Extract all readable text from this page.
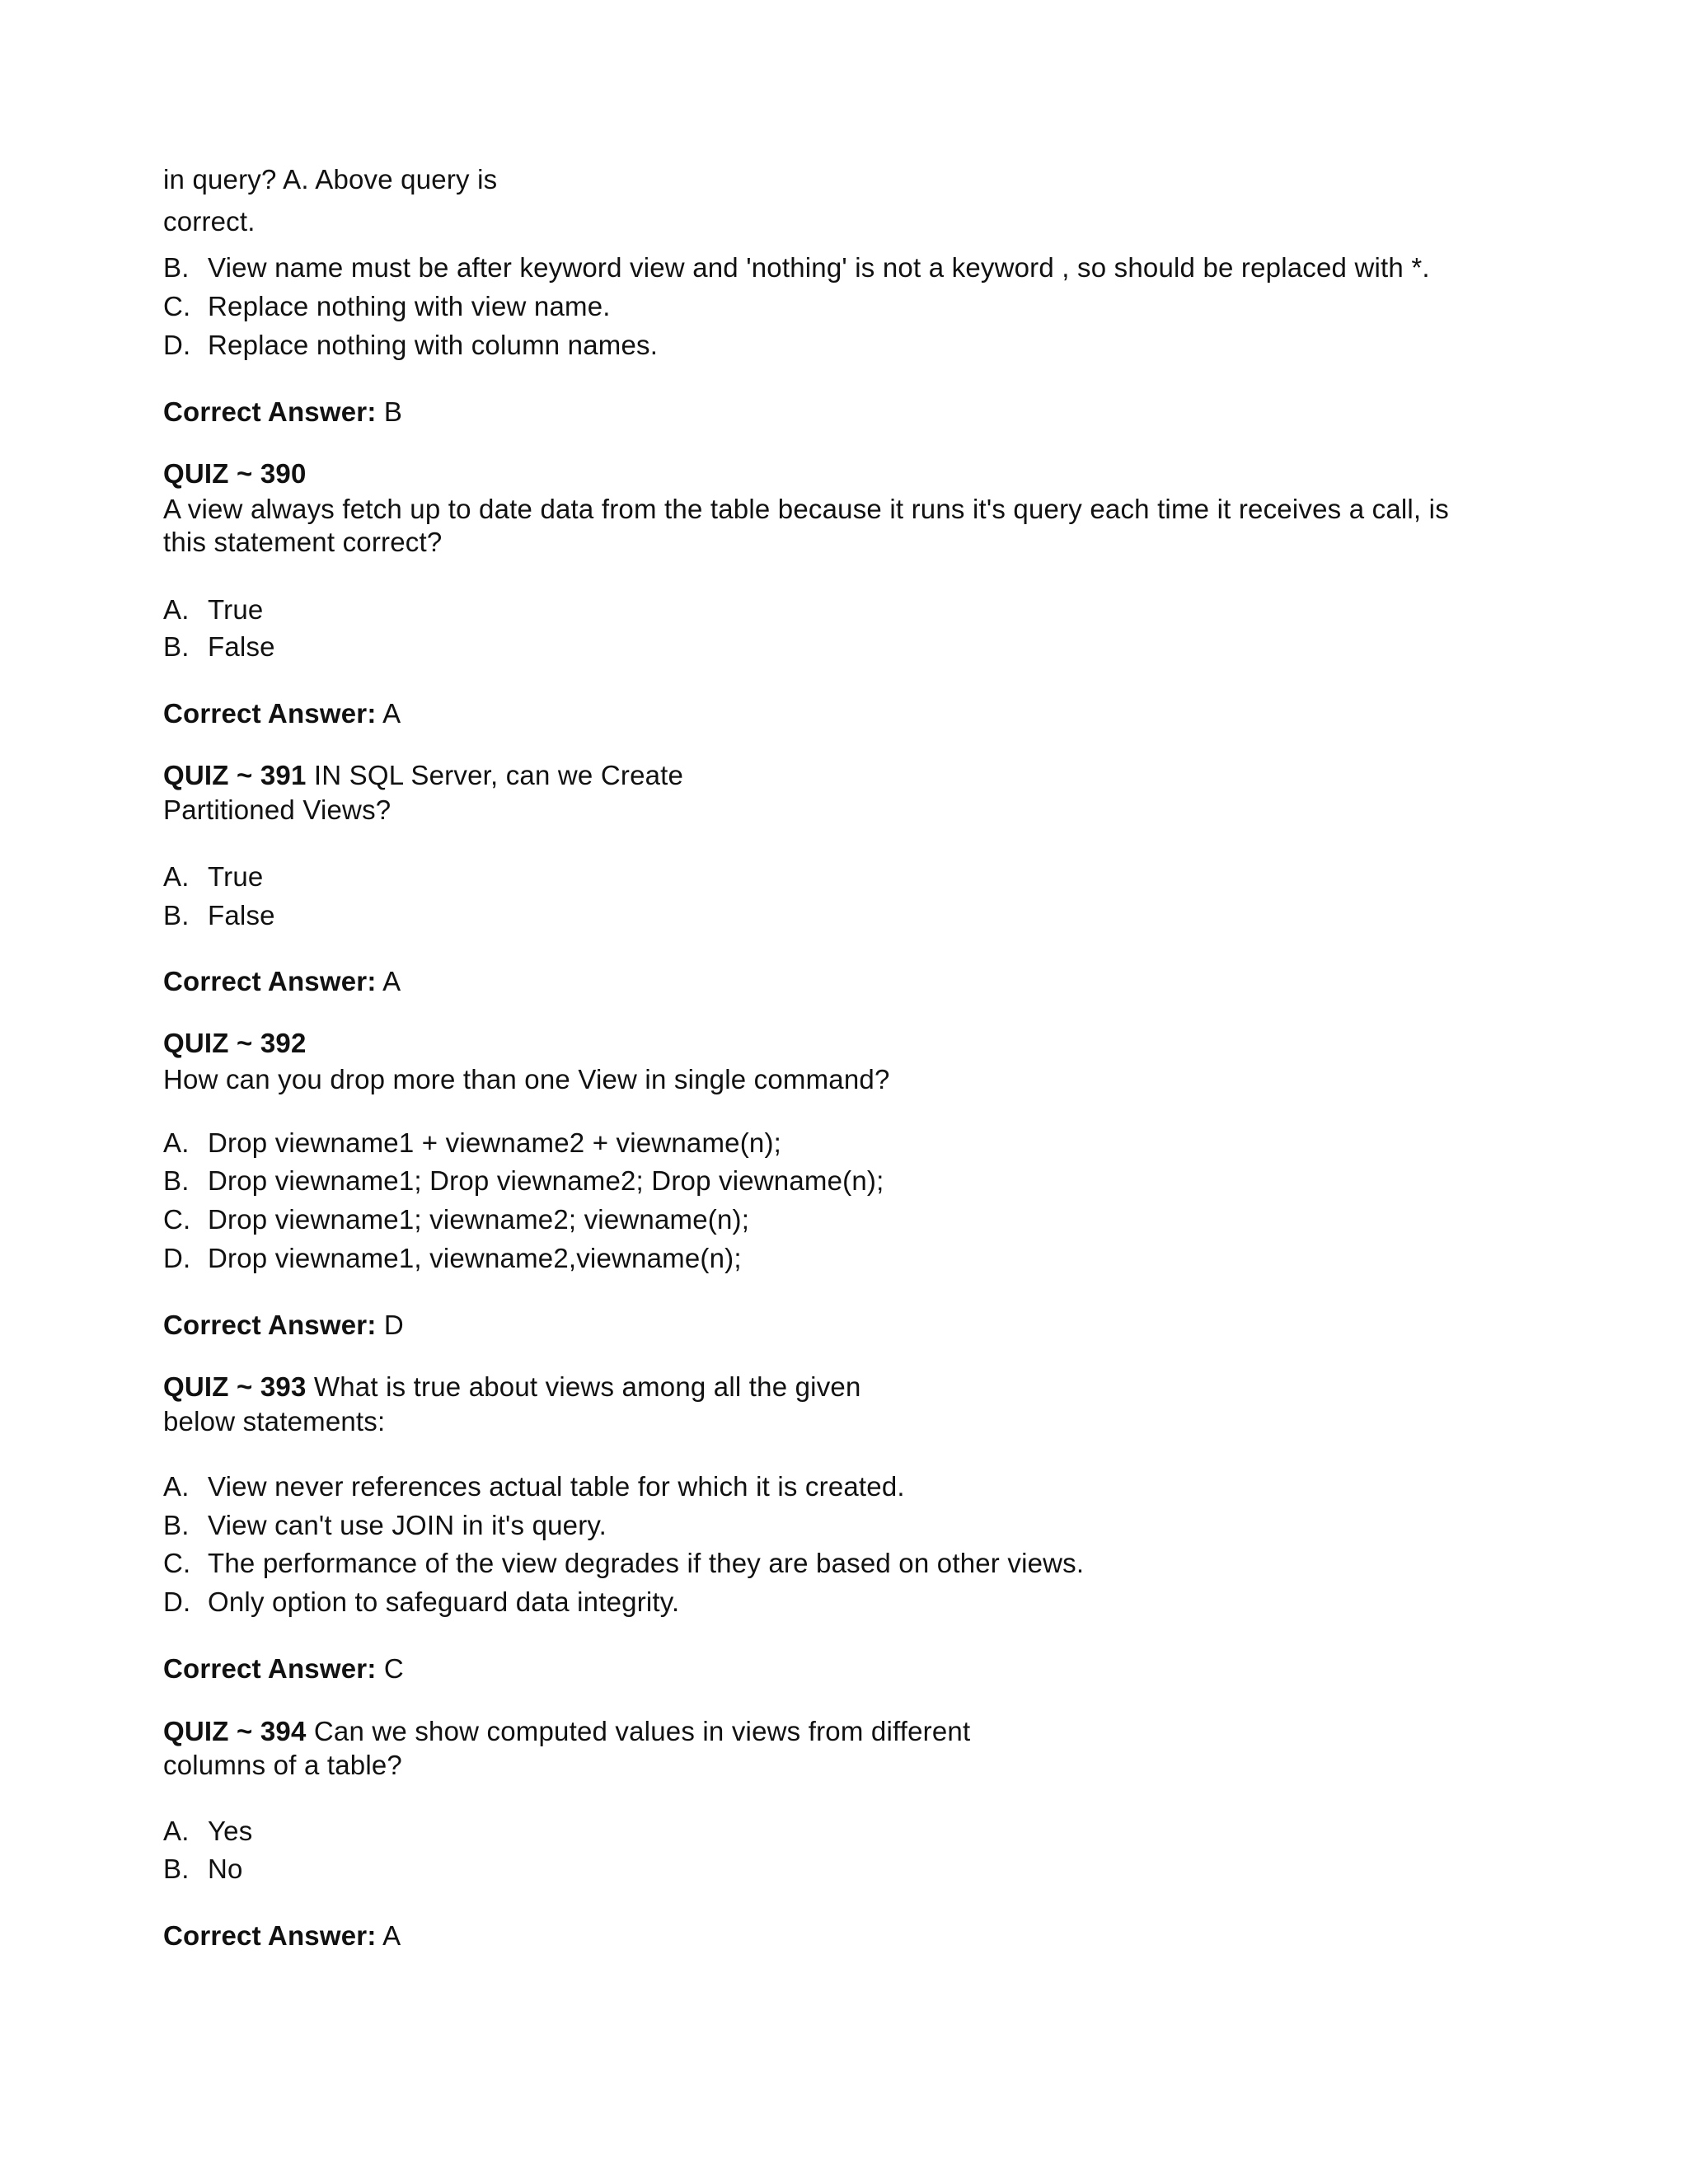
in query? A. Above query is
correct.
B. View name must be after keyword view and 'nothing' is not a keyword , so should be replaced with *.
C. Replace nothing with view name.
D. Replace nothing with column names.
Correct Answer: B
QUIZ ~ 390
A view always fetch up to date data from the table because it runs it's query each time it receives a call, is
this statement correct?
A. True
B. False
Correct Answer: A
QUIZ ~ 391 IN SQL Server, can we Create
Partitioned Views?
A. True
B. False
Correct Answer: A
QUIZ ~ 392
How can you drop more than one View in single command?
A. Drop viewname1 + viewname2 + viewname(n);
B. Drop viewname1; Drop viewname2; Drop viewname(n);
C. Drop viewname1; viewname2; viewname(n);
D. Drop viewname1, viewname2,viewname(n);
Correct Answer: D
QUIZ ~ 393 What is true about views among all the given
below statements:
A. View never references actual table for which it is created.
B. View can't use JOIN in it's query.
C. The performance of the view degrades if they are based on other views.
D. Only option to safeguard data integrity.
Correct Answer: C
QUIZ ~ 394 Can we show computed values in views from different
columns of a table?
A. Yes
B. No
Correct Answer: A
